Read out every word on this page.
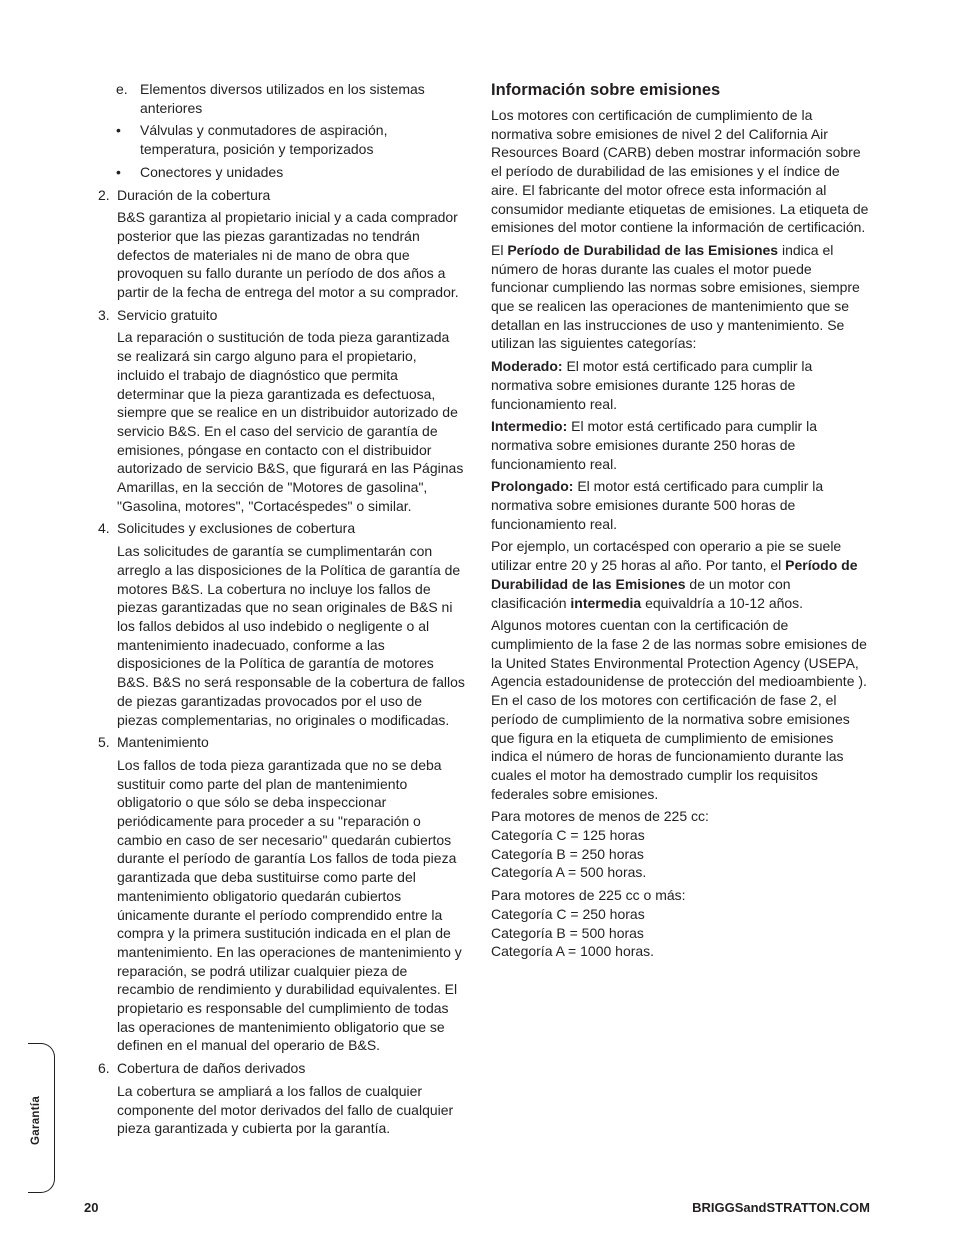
e. Elementos diversos utilizados en los sistemas anteriores
•	Válvulas y conmutadores de aspiración, temperatura, posición y temporizados
•	Conectores y unidades
2. Duración de la cobertura

B&S garantiza al propietario inicial y a cada comprador posterior que las piezas garantizadas no tendrán defectos de materiales ni de mano de obra que provoquen su fallo durante un período de dos años a partir de la fecha de entrega del motor a su comprador.

3. Servicio gratuito

La reparación o sustitución de toda pieza garantizada se realizará sin cargo alguno para el propietario, incluido el trabajo de diagnóstico que permita determinar que la pieza garantizada es defectuosa, siempre que se realice en un distribuidor autorizado de servicio B&S. En el caso del servicio de garantía de emisiones, póngase en contacto con el distribuidor autorizado de servicio B&S, que figurará en las Páginas Amarillas, en la sección de "Motores de gasolina", "Gasolina, motores", "Cortacéspedes" o similar.

4. Solicitudes y exclusiones de cobertura

Las solicitudes de garantía se cumplimentarán con arreglo a las disposiciones de la Política de garantía de motores B&S. La cobertura no incluye los fallos de piezas garantizadas que no sean originales de B&S ni los fallos debidos al uso indebido o negligente o al mantenimiento inadecuado, conforme a las disposiciones de la Política de garantía de motores B&S. B&S no será responsable de la cobertura de fallos de piezas garantizadas provocados por el uso de piezas complementarias, no originales o modificadas.

5. Mantenimiento

Los fallos de toda pieza garantizada que no se deba sustituir como parte del plan de mantenimiento obligatorio o que sólo se deba inspeccionar periódicamente para proceder a su "reparación o cambio en caso de ser necesario" quedarán cubiertos durante el período de garantía Los fallos de toda pieza garantizada que deba sustituirse como parte del mantenimiento obligatorio quedarán cubiertos únicamente durante el período comprendido entre la compra y la primera sustitución indicada en el plan de mantenimiento. En las operaciones de mantenimiento y reparación, se podrá utilizar cualquier pieza de recambio de rendimiento y durabilidad equivalentes. El propietario es responsable del cumplimiento de todas las operaciones de mantenimiento obligatorio que se definen en el manual del operario de B&S.

6. Cobertura de daños derivados

La cobertura se ampliará a los fallos de cualquier componente del motor derivados del fallo de cualquier pieza garantizada y cubierta por la garantía.

Información sobre emisiones

Los motores con certificación de cumplimiento de la normativa sobre emisiones de nivel 2 del California Air Resources Board (CARB) deben mostrar información sobre el período de durabilidad de las emisiones y el índice de aire. El fabricante del motor ofrece esta información al consumidor mediante etiquetas de emisiones. La etiqueta de emisiones del motor contiene la información de certificación.

El Período de Durabilidad de las Emisiones indica el número de horas durante las cuales el motor puede funcionar cumpliendo las normas sobre emisiones, siempre que se realicen las operaciones de mantenimiento que se detallan en las instrucciones de uso y mantenimiento. Se utilizan las siguientes categorías:

Moderado: El motor está certificado para cumplir la normativa sobre emisiones durante 125 horas de funcionamiento real.

Intermedio: El motor está certificado para cumplir la normativa sobre emisiones durante 250 horas de funcionamiento real.

Prolongado: El motor está certificado para cumplir la normativa sobre emisiones durante 500 horas de funcionamiento real.

Por ejemplo, un cortacésped con operario a pie se suele utilizar entre 20 y 25 horas al año. Por tanto, el Período de Durabilidad de las Emisiones de un motor con clasificación intermedia equivaldría a 10-12 años.

Algunos motores cuentan con la certificación de cumplimiento de la fase 2 de las normas sobre emisiones de la United States Environmental Protection Agency (USEPA, Agencia estadounidense de protección del medioambiente ). En el caso de los motores con certificación de fase 2, el período de cumplimiento de la normativa sobre emisiones que figura en la etiqueta de cumplimiento de emisiones indica el número de horas de funcionamiento durante las cuales el motor ha demostrado cumplir los requisitos federales sobre emisiones.

Para motores de menos de 225 cc:
Categoría C = 125 horas
Categoría B = 250 horas
Categoría A = 500 horas.
Para motores de 225 cc o más:
Categoría C = 250 horas
Categoría B = 500 horas
Categoría A = 1000 horas.
Garantía
20	BRIGGSandSTRATTON.COM
